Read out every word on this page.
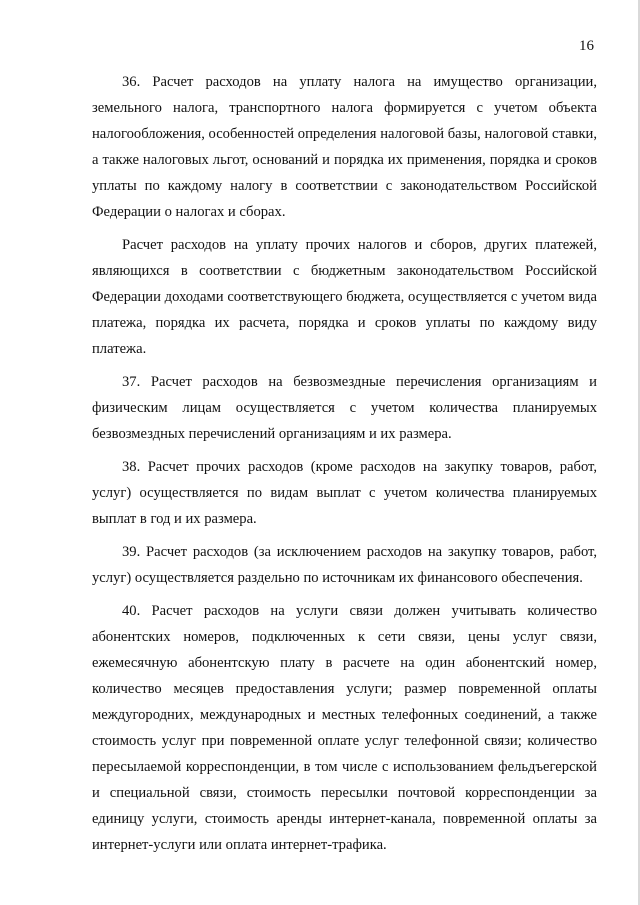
16

36. Расчет расходов на уплату налога на имущество организации, земельного налога, транспортного налога формируется с учетом объекта налогообложения, особенностей определения налоговой базы, налоговой ставки, а также налоговых льгот, оснований и порядка их применения, порядка и сроков уплаты по каждому налогу в соответствии с законодательством Российской Федерации о налогах и сборах.

Расчет расходов на уплату прочих налогов и сборов, других платежей, являющихся в соответствии с бюджетным законодательством Российской Федерации доходами соответствующего бюджета, осуществляется с учетом вида платежа, порядка их расчета, порядка и сроков уплаты по каждому виду платежа.

37. Расчет расходов на безвозмездные перечисления организациям и физическим лицам осуществляется с учетом количества планируемых безвозмездных перечислений организациям и их размера.

38. Расчет прочих расходов (кроме расходов на закупку товаров, работ, услуг) осуществляется по видам выплат с учетом количества планируемых выплат в год и их размера.

39. Расчет расходов (за исключением расходов на закупку товаров, работ, услуг) осуществляется раздельно по источникам их финансового обеспечения.

40. Расчет расходов на услуги связи должен учитывать количество абонентских номеров, подключенных к сети связи, цены услуг связи, ежемесячную абонентскую плату в расчете на один абонентский номер, количество месяцев предоставления услуги; размер повременной оплаты междугородних, международных и местных телефонных соединений, а также стоимость услуг при повременной оплате услуг телефонной связи; количество пересылаемой корреспонденции, в том числе с использованием фельдъегерской и специальной связи, стоимость пересылки почтовой корреспонденции за единицу услуги, стоимость аренды интернет-канала, повременной оплаты за интернет-услуги или оплата интернет-трафика.
